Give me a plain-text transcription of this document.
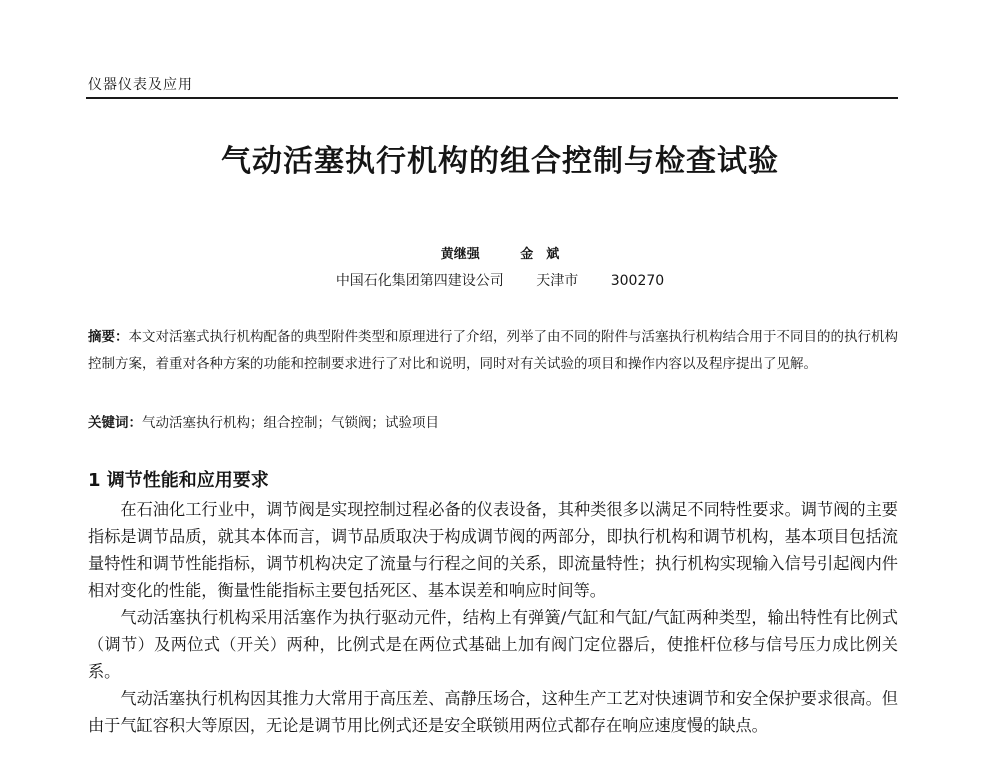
仪器仪表及应用
气动活塞执行机构的组合控制与检查试验
黄继强	金　斌
中国石化集团第四建设公司 天津市 300270
摘要：本文对活塞式执行机构配备的典型附件类型和原理进行了介绍，列举了由不同的附件与活塞执行机构结合用于不同目的的执行机构控制方案，着重对各种方案的功能和控制要求进行了对比和说明，同时对有关试验的项目和操作内容以及程序提出了见解。
关键词：气动活塞执行机构；组合控制；气锁阀；试验项目
1 调节性能和应用要求

在石油化工行业中，调节阀是实现控制过程必备的仪表设备，其种类很多以满足不同特性要求。调节阀的主要指标是调节品质，就其本体而言，调节品质取决于构成调节阀的两部分，即执行机构和调节机构，基本项目包括流量特性和调节性能指标，调节机构决定了流量与行程之间的关系，即流量特性；执行机构实现输入信号引起阀内件相对变化的性能，衡量性能指标主要包括死区、基本误差和响应时间等。

气动活塞执行机构采用活塞作为执行驱动元件，结构上有弹簧/气缸和气缸/气缸两种类型，输出特性有比例式（调节）及两位式（开关）两种，比例式是在两位式基础上加有阀门定位器后，使推杆位移与信号压力成比例关系。

气动活塞执行机构因其推力大常用于高压差、高静压场合，这种生产工艺对快速调节和安全保护要求很高。但由于气缸容积大等原因，无论是调节用比例式还是安全联锁用两位式都存在响应速度慢的缺点。
